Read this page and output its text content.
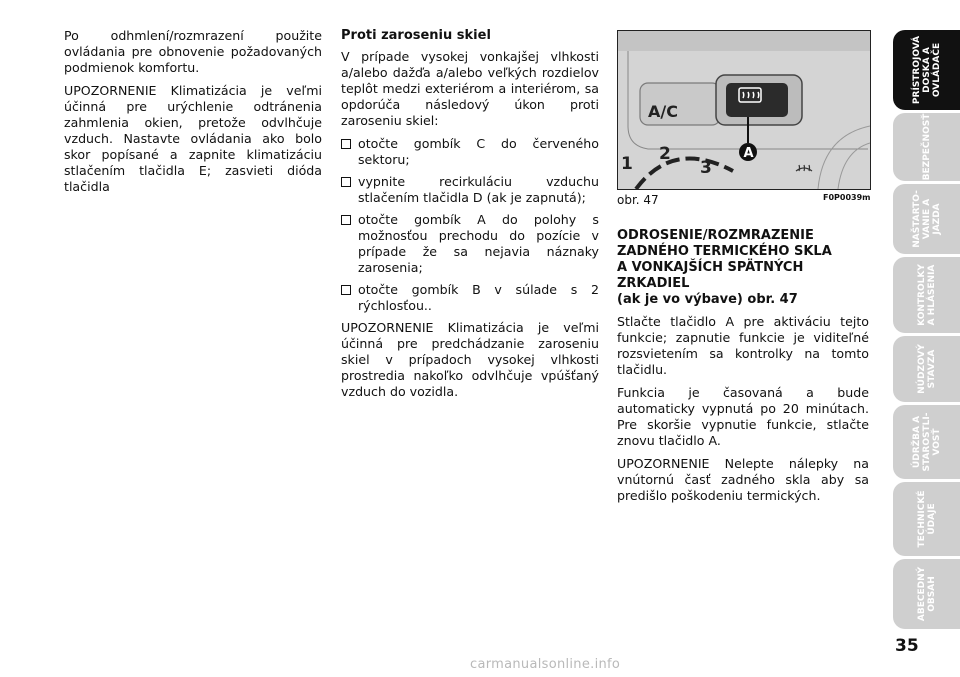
Po odhmlení/rozmrazení použite ovládania pre obnovenie požadovaných podmienok komfortu.

UPOZORNENIE Klimatizácia je veľmi účinná pre urýchlenie odtránenia zahmlenia okien, pretože odvlhčuje vzduch. Nastavte ovládania ako bolo skor popísané a zapnite klimatizáciu stlačením tlačidla E; zasvieti dióda tlačidla

Proti zaroseniu skiel

V prípade vysokej vonkajšej vlhkosti a/alebo dažďa a/alebo veľkých rozdielov teplôt medzi exteriérom a interiérom, sa opdorúča následový úkon proti zaroseniu skiel:

otočte gombík C do červeného sektoru;

vypnite recirkuláciu vzduchu stlačením tlačidla D (ak je zapnutá);

otočte gombík A do polohy s možnosťou prechodu do pozície v prípade že sa nejavia náznaky zarosenia;

otočte gombík B v súlade s 2 rýchlosťou..

UPOZORNENIE Klimatizácia je veľmi účinná pre predchádzanie zaroseniu skiel v prípadoch vysokej vlhkosti prostredia nakoľko odvlhčuje vpúšťaný vzduch do vozidla.

A/C
A
1 2
3
obr. 47	F0P0039m

ODROSENIE/ROZMRAZENIE
ZADNÉHO TERMICKÉHO SKLA
A VONKAJŠÍCH SPÄTNÝCH
ZRKADIEL
(ak je vo výbave) obr. 47

Stlačte tlačidlo A pre aktiváciu tejto funkcie; zapnutie funkcie je viditeľné rozsvietením sa kontrolky na tomto tlačidlu.

Funkcia je časovaná a bude automaticky vypnutá po 20 minútach. Pre skoršie vypnutie funkcie, stlačte znovu tlačidlo A.

UPOZORNENIE Nelepte nálepky na vnútornú časť zadného skla aby sa predišlo poškodeniu termických.

PRÍSTROJOVÁ
DOSKA A
OVLÁDAČE
BEZPEČNOSŤ
NAŠTARTO-
VANIE A
JAZDA
KONTROLKY
A HLÁSENIA
NÚDZOVÝ
STAVZA
ÚDRŽBA A
STAROSTLI-
VOSŤ
TECHNICKÉ
ÚDAJE
ABECEDNÝ
OBSAH
35
carmanualsonline.info
